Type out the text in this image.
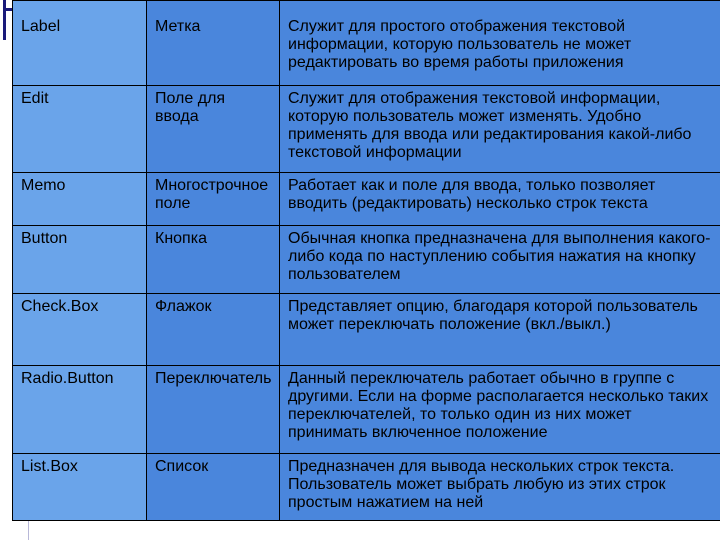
Label	Метка	Служит для простого отображения текстовой информации, которую пользователь не может редактировать во время работы приложения
Edit	Поле для ввода	Служит для отображения текстовой информации, которую пользователь может изменять. Удобно применять для ввода или редактирования какой-либо текстовой информации
Memo	Многострочное поле	Работает как и поле для ввода, только позволяет вводить (редактировать) несколько строк текста
Button	Кнопка	Обычная кнопка предназначена для выполнения какого-либо кода по наступлению события нажатия на кнопку пользователем
Check.Box	Флажок	Представляет опцию, благодаря которой пользователь может переключать положение (вкл./выкл.)
Radio.Button	Переключатель	Данный переключатель работает обычно в группе с другими. Если на форме располагается несколько таких переключателей, то только один из них может принимать включенное положение
List.Box	Список	Предназначен для вывода нескольких строк текста. Пользователь может выбрать любую из этих строк простым нажатием на ней
